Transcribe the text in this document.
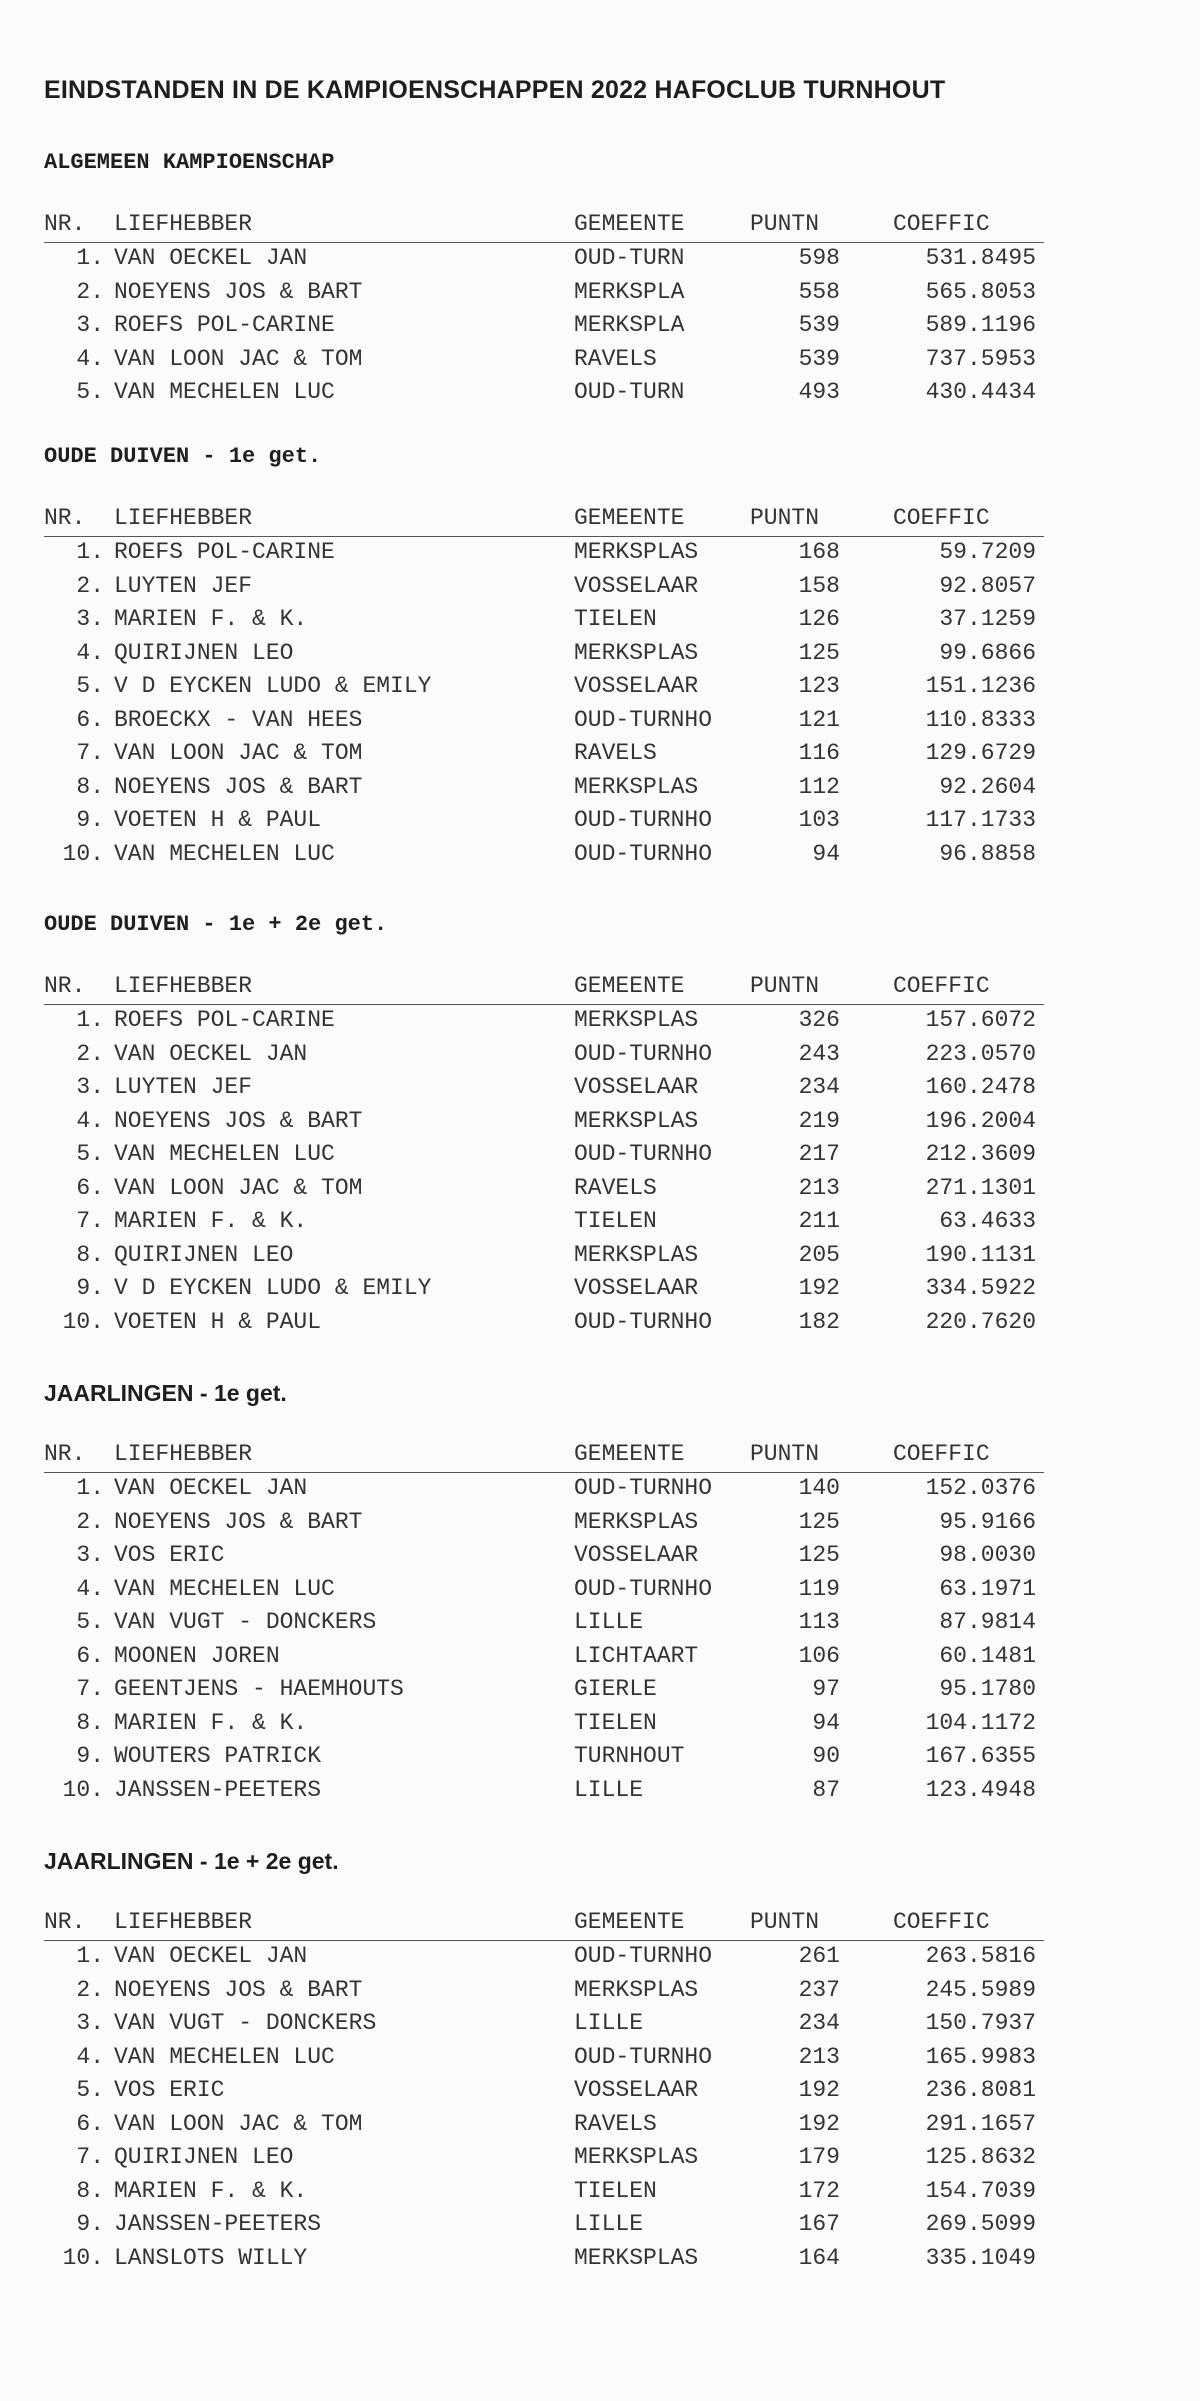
EINDSTANDEN IN DE KAMPIOENSCHAPPEN 2022 HAFOCLUB TURNHOUT
ALGEMEEN KAMPIOENSCHAP
NR.	LIEFHEBBER	GEMEENTE	PUNTN	COEFFIC
1. VAN OECKEL JAN	OUD-TURN	598	531.8495
2. NOEYENS JOS & BART	MERKSPLA	558	565.8053
3. ROEFS POL-CARINE	MERKSPLA	539	589.1196
4. VAN LOON JAC & TOM	RAVELS	539	737.5953
5. VAN MECHELEN LUC	OUD-TURN	493	430.4434
OUDE DUIVEN - 1e get.
NR.	LIEFHEBBER	GEMEENTE	PUNTN	COEFFIC
1. ROEFS POL-CARINE	MERKSPLAS	168	59.7209
2. LUYTEN JEF	VOSSELAAR	158	92.8057
3. MARIEN F. & K.	TIELEN	126	37.1259
4. QUIRIJNEN LEO	MERKSPLAS	125	99.6866
5. V D EYCKEN LUDO & EMILY	VOSSELAAR	123	151.1236
6. BROECKX - VAN HEES	OUD-TURNHO	121	110.8333
7. VAN LOON JAC & TOM	RAVELS	116	129.6729
8. NOEYENS JOS & BART	MERKSPLAS	112	92.2604
9. VOETEN H & PAUL	OUD-TURNHO	103	117.1733
10. VAN MECHELEN LUC	OUD-TURNHO	94	96.8858
OUDE DUIVEN - 1e + 2e get.
NR.	LIEFHEBBER	GEMEENTE	PUNTN	COEFFIC
1. ROEFS POL-CARINE	MERKSPLAS	326	157.6072
2. VAN OECKEL JAN	OUD-TURNHO	243	223.0570
3. LUYTEN JEF	VOSSELAAR	234	160.2478
4. NOEYENS JOS & BART	MERKSPLAS	219	196.2004
5. VAN MECHELEN LUC	OUD-TURNHO	217	212.3609
6. VAN LOON JAC & TOM	RAVELS	213	271.1301
7. MARIEN F. & K.	TIELEN	211	63.4633
8. QUIRIJNEN LEO	MERKSPLAS	205	190.1131
9. V D EYCKEN LUDO & EMILY	VOSSELAAR	192	334.5922
10. VOETEN H & PAUL	OUD-TURNHO	182	220.7620
JAARLINGEN - 1e get.
NR.	LIEFHEBBER	GEMEENTE	PUNTN	COEFFIC
1. VAN OECKEL JAN	OUD-TURNHO	140	152.0376
2. NOEYENS JOS & BART	MERKSPLAS	125	95.9166
3. VOS ERIC	VOSSELAAR	125	98.0030
4. VAN MECHELEN LUC	OUD-TURNHO	119	63.1971
5. VAN VUGT - DONCKERS	LILLE	113	87.9814
6. MOONEN JOREN	LICHTAART	106	60.1481
7. GEENTJENS - HAEMHOUTS	GIERLE	97	95.1780
8. MARIEN F. & K.	TIELEN	94	104.1172
9. WOUTERS PATRICK	TURNHOUT	90	167.6355
10. JANSSEN-PEETERS	LILLE	87	123.4948
JAARLINGEN - 1e + 2e get.
NR.	LIEFHEBBER	GEMEENTE	PUNTN	COEFFIC
1. VAN OECKEL JAN	OUD-TURNHO	261	263.5816
2. NOEYENS JOS & BART	MERKSPLAS	237	245.5989
3. VAN VUGT - DONCKERS	LILLE	234	150.7937
4. VAN MECHELEN LUC	OUD-TURNHO	213	165.9983
5. VOS ERIC	VOSSELAAR	192	236.8081
6. VAN LOON JAC & TOM	RAVELS	192	291.1657
7. QUIRIJNEN LEO	MERKSPLAS	179	125.8632
8. MARIEN F. & K.	TIELEN	172	154.7039
9. JANSSEN-PEETERS	LILLE	167	269.5099
10. LANSLOTS WILLY	MERKSPLAS	164	335.1049
